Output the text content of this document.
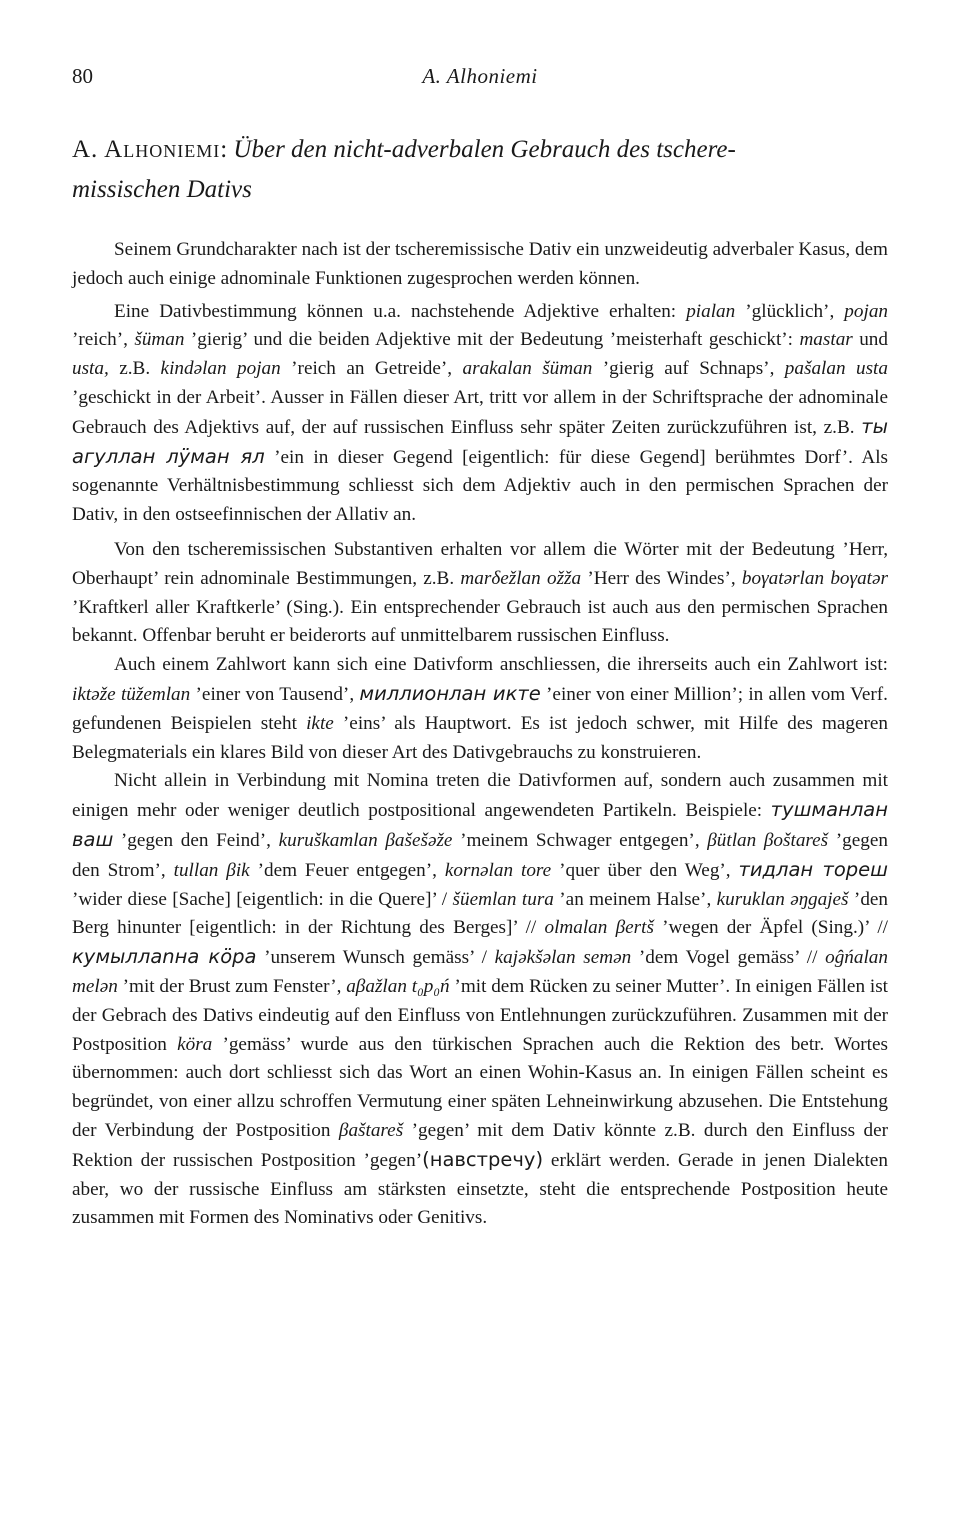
80	A. Alhoniemi
A. Alhoniemi: Über den nicht-adverbalen Gebrauch des tschere-
missischen Dativs

Seinem Grundcharakter nach ist der tscheremissische Dativ ein unzweideutig adverbaler Kasus, dem jedoch auch einige adnominale Funktionen zugesprochen werden können.

Eine Dativbestimmung können u.a. nachstehende Adjektive erhalten: pialan ’glücklich’, pojan ’reich’, šüman ’gierig’ und die beiden Adjektive mit der Bedeutung ’meisterhaft geschickt’: mastar und usta, z.B. kindəlan pojan ’reich an Getreide’, arakalan šüman ’gierig auf Schnaps’, pašalan usta ’geschickt in der Arbeit’. Ausser in Fällen dieser Art, tritt vor allem in der Schriftsprache der adnominale Gebrauch des Adjektivs auf, der auf russischen Einfluss sehr später Zeiten zurückzuführen ist, z.B. ты агуллан лӱман ял ’ein in dieser Gegend [eigentlich: für diese Gegend] berühmtes Dorf’. Als sogenannte Verhältnisbestimmung schliesst sich dem Adjektiv auch in den permischen Sprachen der Dativ, in den ostseefinnischen der Allativ an.

Von den tscheremissischen Substantiven erhalten vor allem die Wörter mit der Bedeutung ’Herr, Oberhaupt’ rein adnominale Bestimmungen, z.B. marδežlan ožža ’Herr des Windes’, boγatərlan boγatər ’Kraftkerl aller Kraftkerle’ (Sing.). Ein entsprechender Gebrauch ist auch aus den permischen Sprachen bekannt. Offenbar beruht er beiderorts auf unmittelbarem russischen Einfluss.

Auch einem Zahlwort kann sich eine Dativform anschliessen, die ihrerseits auch ein Zahlwort ist: iktəže tüžemlan ’einer von Tausend’, миллионлан икте ’einer von einer Million’; in allen vom Verf. gefundenen Beispielen steht ikte ’eins’ als Hauptwort. Es ist jedoch schwer, mit Hilfe des mageren Belegmaterials ein klares Bild von dieser Art des Dativgebrauchs zu konstruieren.

Nicht allein in Verbindung mit Nomina treten die Dativformen auf, sondern auch zusammen mit einigen mehr oder weniger deutlich postpositional angewendeten Partikeln. Beispiele: тушманлан ваш ’gegen den Feind’, kuruškamlan βašešəže ’meinem Schwager entgegen’, βütlan βoštareš ’gegen den Strom’, tullan βik ’dem Feuer entgegen’, kornəlan tore ’quer über den Weg’, тидлан тореш ’wider diese [Sache] [eigentlich: in die Quere]’ / šüemlan tura ’an meinem Halse’, kuruklan əŋgaješ ’den Berg hinunter [eigentlich: in der Richtung des Berges]’ // olmalan βertš ’wegen der Äpfel (Sing.)’ // кумыллanна кöра ’unserem Wunsch gemäss’ / kajəkšəlan semən ’dem Vogel gemäss’ // oĝńalan melən ’mit der Brust zum Fenster’, aβažlan t₀p₀ń ’mit dem Rücken zu seiner Mutter’. In einigen Fällen ist der Gebrach des Dativs eindeutig auf den Einfluss von Entlehnungen zurückzuführen. Zusammen mit der Postposition köra ’gemäss’ wurde aus den türkischen Sprachen auch die Rektion des betr. Wortes übernommen: auch dort schliesst sich das Wort an einen Wohin-Kasus an. In einigen Fällen scheint es begründet, von einer allzu schroffen Vermutung einer späten Lehneinwirkung abzusehen. Die Entstehung der Verbindung der Postposition βaštareš ’gegen’ mit dem Dativ könnte z.B. durch den Einfluss der Rektion der russischen Postposition ’gegen’(навстречу) erklärt werden. Gerade in jenen Dialekten aber, wo der russische Einfluss am stärksten einsetzte, steht die entsprechende Postposition heute zusammen mit Formen des Nominativs oder Genitivs.
